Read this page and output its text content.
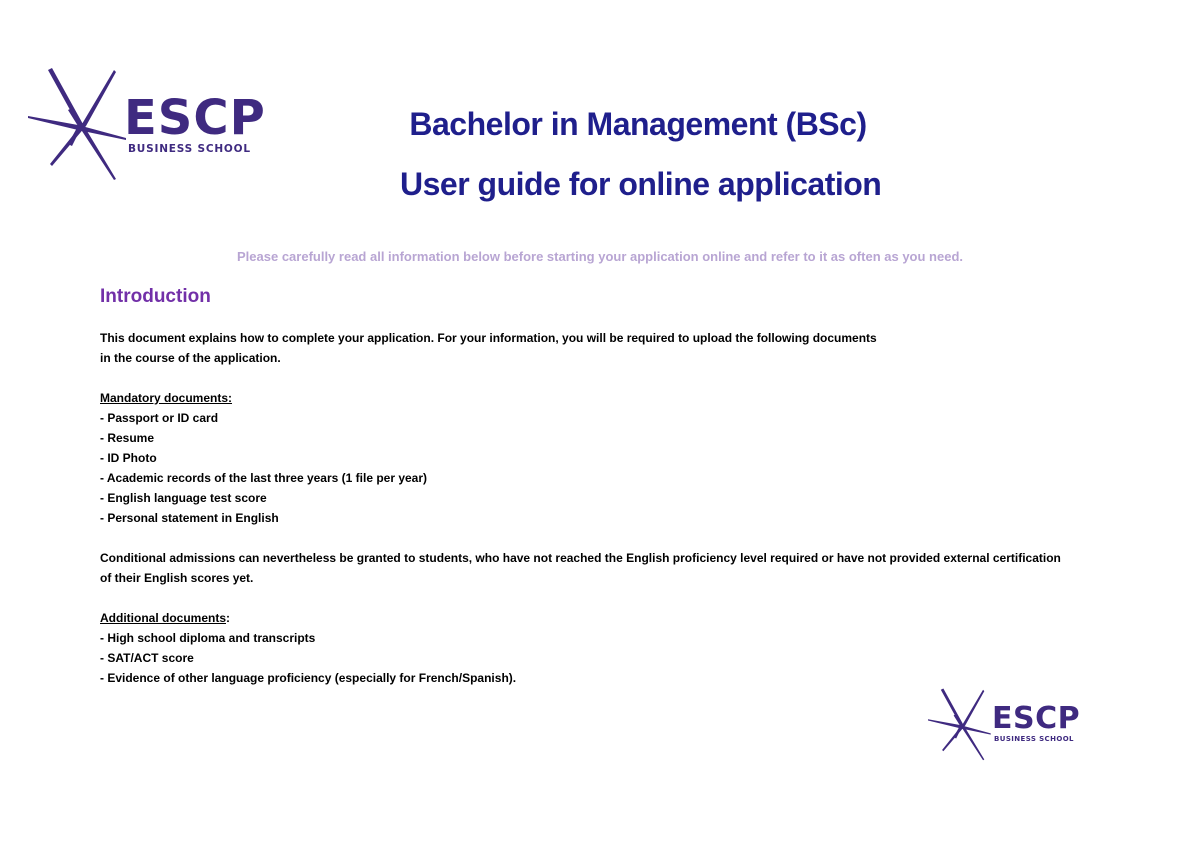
ESCP
BUSINESS SCHOOL
Bachelor in Management (BSc)
User guide for online application
Please carefully read all information below before starting your application online and refer to it as often as you need.
Introduction
This document explains how to complete your application. For your information, you will be required to upload the following documents
in the course of the application.
Mandatory documents:
- Passport or ID card
- Resume
- ID Photo
- Academic records of the last three years (1 file per year)
- English language test score
- Personal statement in English
Conditional admissions can nevertheless be granted to students, who have not reached the English proficiency level required or have not provided external certification
of their English scores yet.
Additional documents:
- High school diploma and transcripts
- SAT/ACT score
- Evidence of other language proficiency (especially for French/Spanish).
ESCP
BUSINESS SCHOOL
